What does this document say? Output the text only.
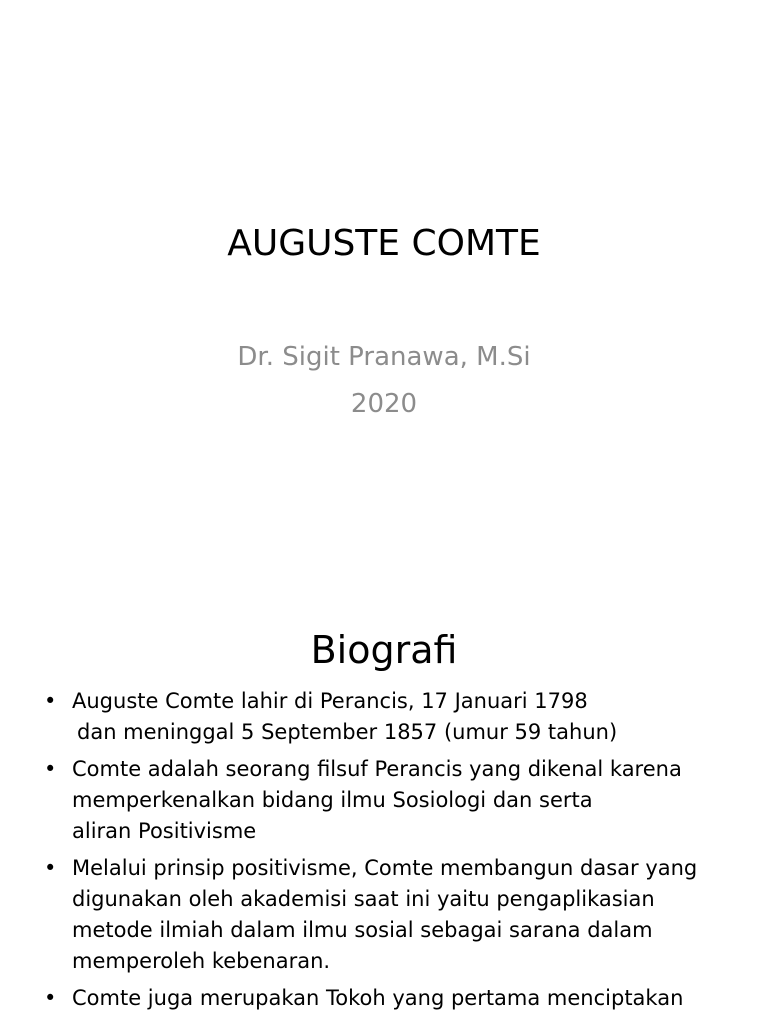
AUGUSTE COMTE
Dr. Sigit Pranawa, M.Si
2020
Biografi
• Auguste Comte lahir di Perancis, 17 Januari 1798
dan meninggal 5 September 1857 (umur 59 tahun)
• Comte adalah seorang filsuf Perancis yang dikenal karena
memperkenalkan bidang ilmu Sosiologi dan serta
aliran Positivisme
• Melalui prinsip positivisme, Comte membangun dasar yang
digunakan oleh akademisi saat ini yaitu pengaplikasian
metode ilmiah dalam ilmu sosial sebagai sarana dalam
memperoleh kebenaran.
• Comte juga merupakan Tokoh yang pertama menciptakan
